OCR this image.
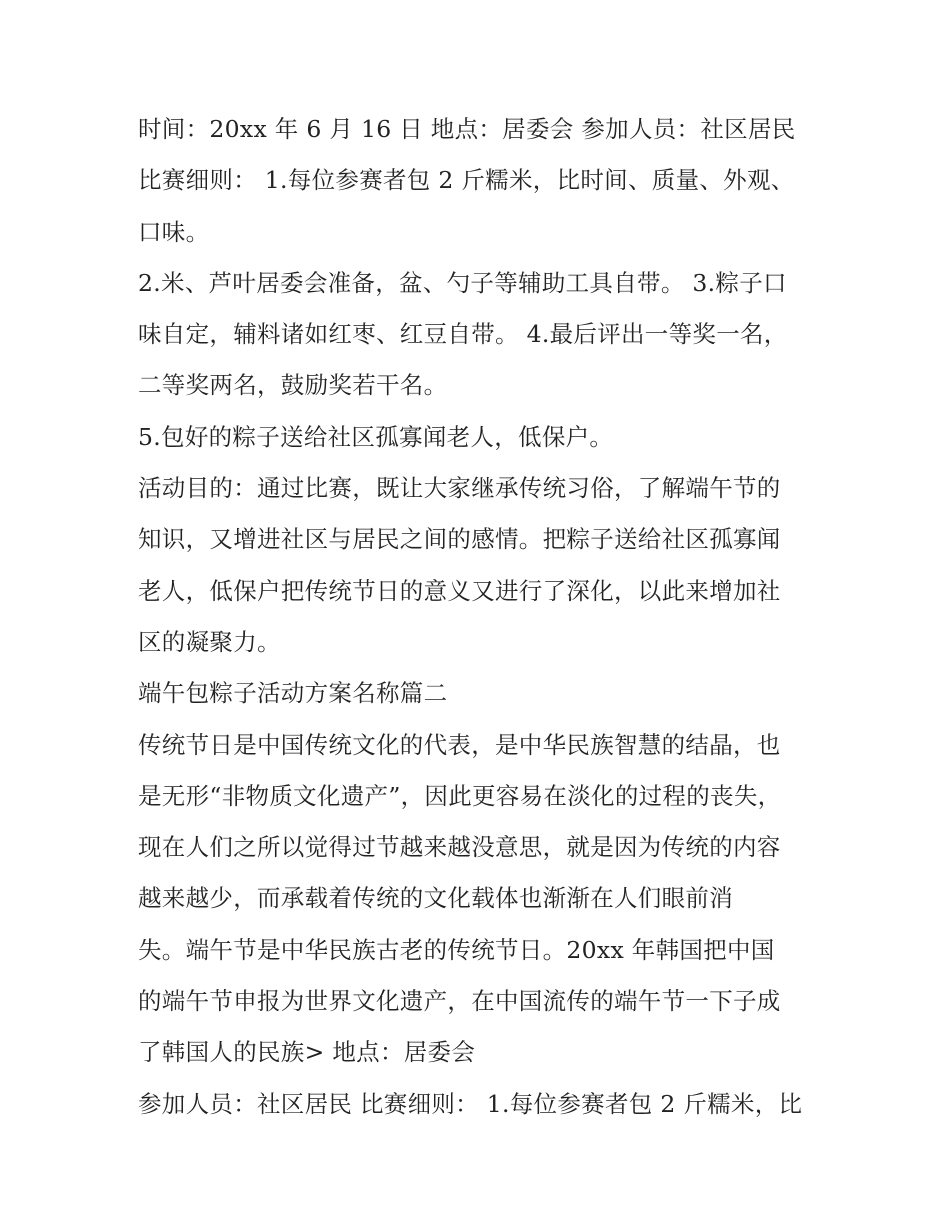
时间：20xx 年 6 月 16 日 地点：居委会 参加人员：社区居民
比赛细则： 1.每位参赛者包 2 斤糯米，比时间、质量、外观、
口味。
2.米、芦叶居委会准备，盆、勺子等辅助工具自带。 3.粽子口
味自定，辅料诸如红枣、红豆自带。 4.最后评出一等奖一名，
二等奖两名，鼓励奖若干名。
5.包好的粽子送给社区孤寡闻老人，低保户。
活动目的：通过比赛，既让大家继承传统习俗，了解端午节的
知识，又增进社区与居民之间的感情。把粽子送给社区孤寡闻
老人，低保户把传统节日的意义又进行了深化，以此来增加社
区的凝聚力。
端午包粽子活动方案名称篇二
传统节日是中国传统文化的代表，是中华民族智慧的结晶，也
是无形“非物质文化遗产”，因此更容易在淡化的过程的丧失，
现在人们之所以觉得过节越来越没意思，就是因为传统的内容
越来越少，而承载着传统的文化载体也渐渐在人们眼前消
失。端午节是中华民族古老的传统节日。20xx 年韩国把中国
的端午节申报为世界文化遗产，在中国流传的端午节一下子成
了韩国人的民族> 地点：居委会
参加人员：社区居民 比赛细则： 1.每位参赛者包 2 斤糯米，比
